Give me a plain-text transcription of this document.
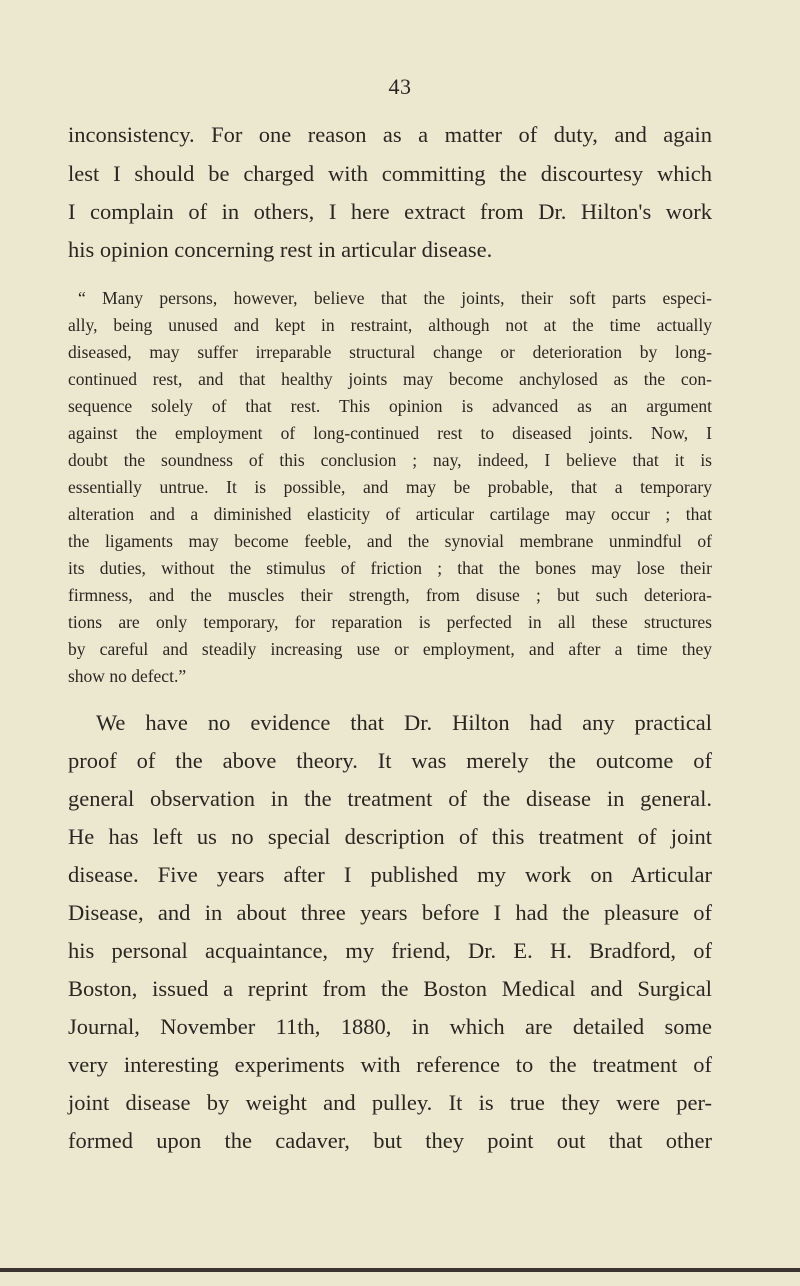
43
inconsistency. For one reason as a matter of duty, and again
lest I should be charged with committing the discourtesy which
I complain of in others, I here extract from Dr. Hilton's work
his opinion concerning rest in articular disease.
“ Many persons, however, believe that the joints, their soft parts especi-
ally, being unused and kept in restraint, although not at the time actually
diseased, may suffer irreparable structural change or deterioration by long-
continued rest, and that healthy joints may become anchylosed as the con-
sequence solely of that rest. This opinion is advanced as an argument
against the employment of long-continued rest to diseased joints. Now, I
doubt the soundness of this conclusion ; nay, indeed, I believe that it is
essentially untrue. It is possible, and may be probable, that a temporary
alteration and a diminished elasticity of articular cartilage may occur ; that
the ligaments may become feeble, and the synovial membrane unmindful of
its duties, without the stimulus of friction ; that the bones may lose their
firmness, and the muscles their strength, from disuse ; but such deteriora-
tions are only temporary, for reparation is perfected in all these structures
by careful and steadily increasing use or employment, and after a time they
show no defect.”
We have no evidence that Dr. Hilton had any practical
proof of the above theory. It was merely the outcome of
general observation in the treatment of the disease in general.
He has left us no special description of this treatment of joint
disease. Five years after I published my work on Articular
Disease, and in about three years before I had the pleasure of
his personal acquaintance, my friend, Dr. E. H. Bradford, of
Boston, issued a reprint from the Boston Medical and Surgical
Journal, November 11th, 1880, in which are detailed some
very interesting experiments with reference to the treatment of
joint disease by weight and pulley. It is true they were per-
formed upon the cadaver, but they point out that other
